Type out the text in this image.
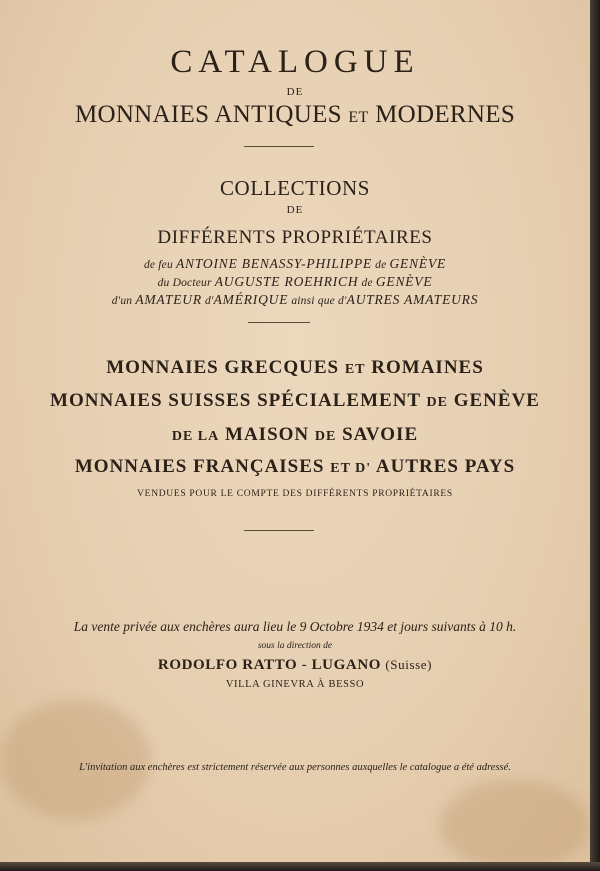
CATALOGUE
DE
MONNAIES ANTIQUES ET MODERNES
COLLECTIONS
DE
DIFFÉRENTS PROPRIÉTAIRES
de feu ANTOINE BENASSY-PHILIPPE de GENÈVE
du Docteur AUGUSTE ROEHRICH de GENÈVE
d'un AMATEUR d'AMÉRIQUE ainsi que d'AUTRES AMATEURS
MONNAIES GRECQUES ET ROMAINES
MONNAIES SUISSES SPÉCIALEMENT DE GENÈVE
DE LA MAISON DE SAVOIE
MONNAIES FRANÇAISES ET D' AUTRES PAYS
VENDUES POUR LE COMPTE DES DIFFÉRENTS PROPRIÉTAIRES
La vente privée aux enchères aura lieu le 9 Octobre 1934 et jours suivants à 10 h.
sous la direction de
RODOLFO RATTO - LUGANO (Suisse)
VILLA GINEVRA À BESSO
L'invitation aux enchères est strictement réservée aux personnes auxquelles le catalogue a été adressé.
